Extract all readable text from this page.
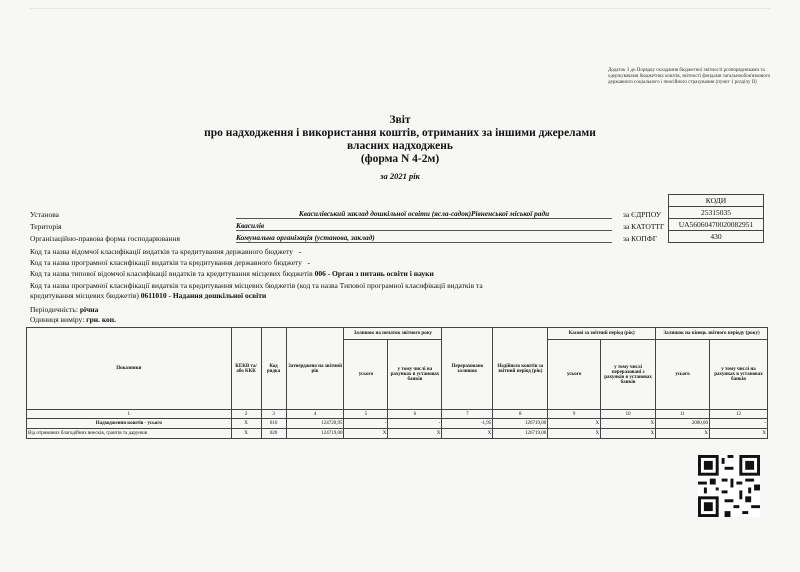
Додаток 3 до Порядку складання бюджетної звітності розпорядниками та одержувачами бюджетних коштів, звітності фондами загальнообов'язкового державного соціального і пенсійного страхування (пункт 1 розділу II)
Звіт
про надходження і використання коштів, отриманих за іншими джерелами
власних надходжень
(форма N 4-2м)
за 2021 рік
КОДИ
25315035
UA56060470020082951
430
Установа	Квасилівський заклад дошкільної освіти (ясла-садок)Рівненської міської ради	за ЄДРПОУ
Територія	Квасилів	за КАТОТТГ
Організаційно-правова форма господарювання	Комунальна організація (установа, заклад)	за КОПФГ
Код та назва відомчої класифікації видатків та кредитування державного бюджету -
Код та назва програмної класифікації видатків та кредитування державного бюджету -
Код та назва типової відомчої класифікації видатків та кредитування місцевих бюджетів 006 - Орган з питань освіти і науки
Код та назва програмної класифікації видатків та кредитування місцевих бюджетів (код та назва Типової програмної класифікації видатків та
кредитування місцевих бюджетів) 0611010 - Надання дошкільної освіти
Періодичність: річна
Одиниця виміру: грн. коп.
Показники	КЕКВ та/або ККК	Код рядка	Затверджено на звітний рік	Залишок на початок звітного року		Перераховано залишок	Надійшло коштів за звітний період (рік)	Касові за звітний період (рік)		Залишок на кінець звітного періоду (року)	
				усього	у тому числі на рахунках в установах банків			усього	у тому числі перераховані з рахунків в установах банків	усього	у тому числі на рахунках в установах банків
1	2	3	4	5	6	7	8	9	10	11	12
Надходження коштів - усього	X	010	124720,95	-	-	-1,95	126719,00	X	X	2000,00	-
Від отриманих благодійних внесків, грантів та дарунків	X	020	124719,00	X	X	X	126719,00	X	X	X	X
